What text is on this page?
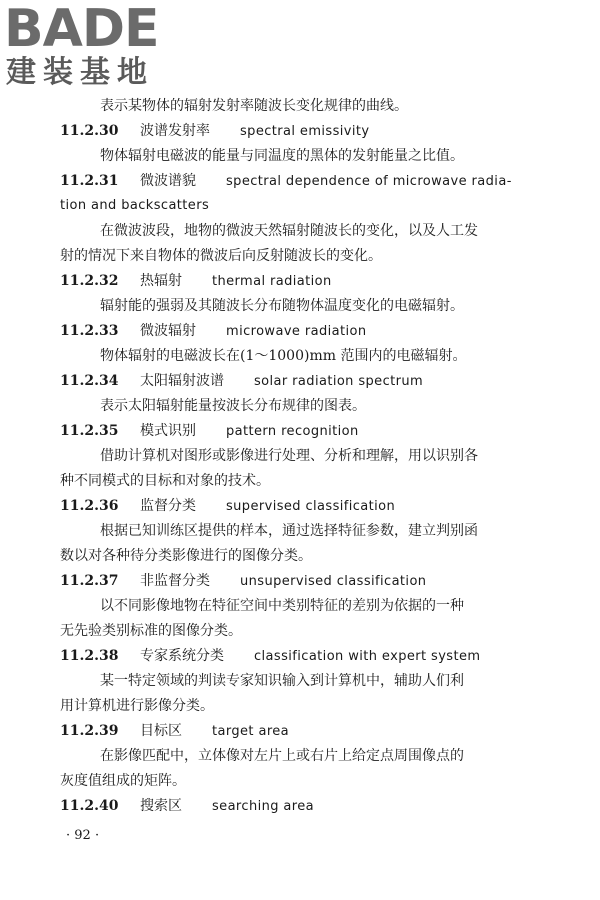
BADE
建装基地
表示某物体的辐射发射率随波长变化规律的曲线。
11.2.30 波谱发射率 spectral emissivity
物体辐射电磁波的能量与同温度的黑体的发射能量之比值。
11.2.31 微波谱貌 spectral dependence of microwave radia-
tion and backscatters
在微波波段，地物的微波天然辐射随波长的变化，以及人工发
射的情况下来自物体的微波后向反射随波长的变化。
11.2.32 热辐射 thermal radiation
辐射能的强弱及其随波长分布随物体温度变化的电磁辐射。
11.2.33 微波辐射 microwave radiation
物体辐射的电磁波长在(1～1000)mm 范围内的电磁辐射。
11.2.34 太阳辐射波谱 solar radiation spectrum
表示太阳辐射能量按波长分布规律的图表。
11.2.35 模式识别 pattern recognition
借助计算机对图形或影像进行处理、分析和理解，用以识别各
种不同模式的目标和对象的技术。
11.2.36 监督分类 supervised classification
根据已知训练区提供的样本，通过选择特征参数，建立判别函
数以对各种待分类影像进行的图像分类。
11.2.37 非监督分类 unsupervised classification
以不同影像地物在特征空间中类别特征的差别为依据的一种
无先验类别标准的图像分类。
11.2.38 专家系统分类 classification with expert system
某一特定领域的判读专家知识输入到计算机中，辅助人们利
用计算机进行影像分类。
11.2.39 目标区 target area
在影像匹配中，立体像对左片上或右片上给定点周围像点的
灰度值组成的矩阵。
11.2.40 搜索区 searching area
· 92 ·
